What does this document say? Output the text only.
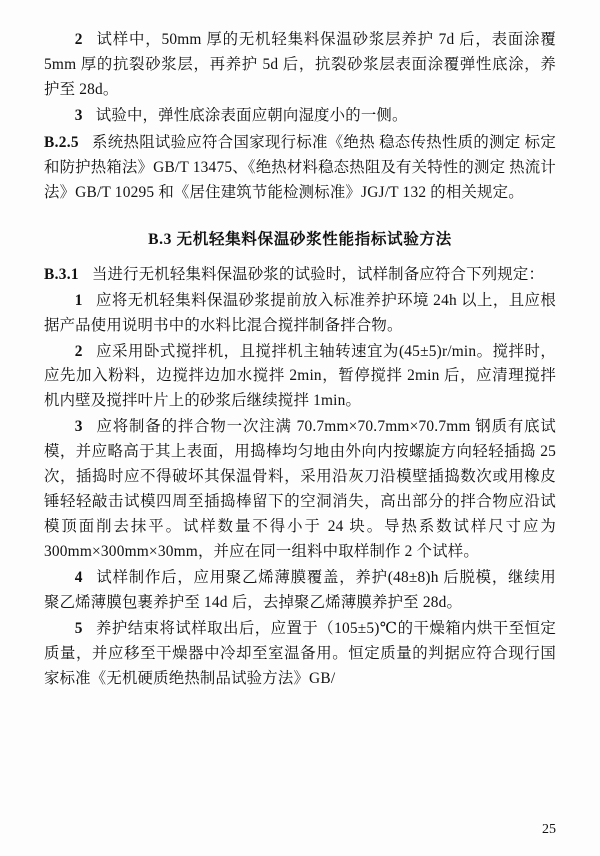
2 试样中，50mm 厚的无机轻集料保温砂浆层养护 7d 后，表面涂覆 5mm 厚的抗裂砂浆层，再养护 5d 后，抗裂砂浆层表面涂覆弹性底涂，养护至 28d。

3 试验中，弹性底涂表面应朝向湿度小的一侧。

B.2.5 系统热阻试验应符合国家现行标准《绝热 稳态传热性质的测定 标定和防护热箱法》GB/T 13475、《绝热材料稳态热阻及有关特性的测定 热流计法》GB/T 10295 和《居住建筑节能检测标准》JGJ/T 132 的相关规定。

B.3 无机轻集料保温砂浆性能指标试验方法

B.3.1 当进行无机轻集料保温砂浆的试验时，试样制备应符合下列规定：

1 应将无机轻集料保温砂浆提前放入标准养护环境 24h 以上，且应根据产品使用说明书中的水料比混合搅拌制备拌合物。

2 应采用卧式搅拌机，且搅拌机主轴转速宜为(45±5)r/min。搅拌时，应先加入粉料，边搅拌边加水搅拌 2min，暂停搅拌 2min 后，应清理搅拌机内壁及搅拌叶片上的砂浆后继续搅拌 1min。

3 应将制备的拌合物一次注满 70.7mm×70.7mm×70.7mm 钢质有底试模，并应略高于其上表面，用捣棒均匀地由外向内按螺旋方向轻轻插捣 25 次，插捣时应不得破坏其保温骨料，采用沿灰刀沿模壁插捣数次或用橡皮锤轻轻敲击试模四周至插捣棒留下的空洞消失，高出部分的拌合物应沿试模顶面削去抹平。试样数量不得小于 24 块。导热系数试样尺寸应为300mm×300mm×30mm，并应在同一组料中取样制作 2 个试样。

4 试样制作后，应用聚乙烯薄膜覆盖，养护(48±8)h 后脱模，继续用聚乙烯薄膜包裹养护至 14d 后，去掉聚乙烯薄膜养护至 28d。

5 养护结束将试样取出后，应置于（105±5)℃的干燥箱内烘干至恒定质量，并应移至干燥器中冷却至室温备用。恒定质量的判据应符合现行国家标准《无机硬质绝热制品试验方法》GB/

25
